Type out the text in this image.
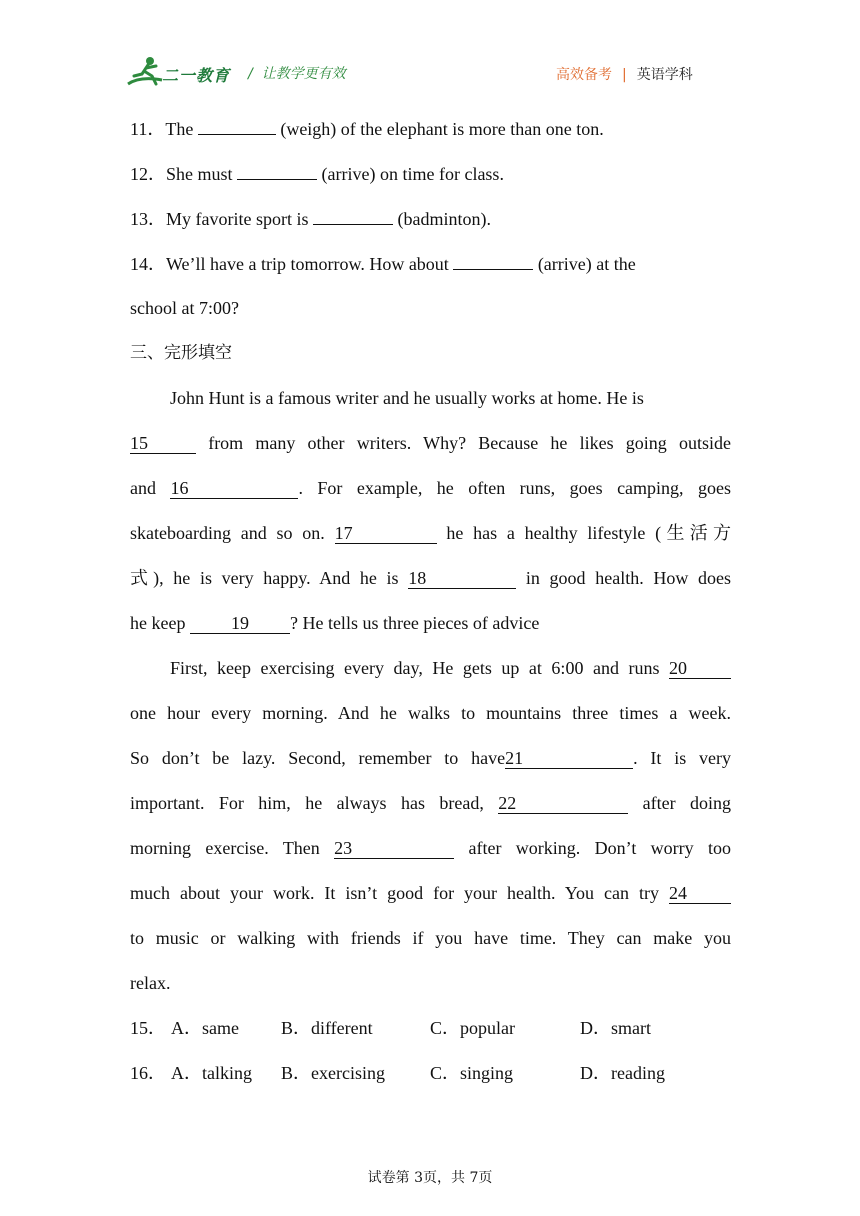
二一教育 / 让教学更有效	高效备考 | 英语学科
11．The	(weigh) of the elephant is more than one ton.
12．She must	(arrive) on time for class.
13．My favorite sport is	(badminton).
14．We’ll have a trip tomorrow. How about	(arrive) at the
school at 7:00?
三、完形填空
John Hunt is a famous writer and he usually works at home. He is
15	from many other writers. Why? Because he likes going outside
and 16	. For example, he often runs, goes camping, goes
skateboarding and so on. 17	he has a healthy lifestyle (生活方
式), he is very happy. And he is 18	in good health. How does
he keep 19 ? He tells us three pieces of advice
First, keep exercising every day, He gets up at 6:00 and runs 20
one hour every morning. And he walks to mountains three times a week.
So don’t be lazy. Second, remember to have21	. It is very
important. For him, he always has bread, 22	after doing
morning exercise. Then 23	after working. Don’t worry too
much about your work. It isn’t good for your health. You can try 24
to music or walking with friends if you have time. They can make you
relax.
15． A．same B．different	C．popular	D．smart
16． A．talking B．exercising	C．singing	D．reading
试卷第 3页，共 7页
